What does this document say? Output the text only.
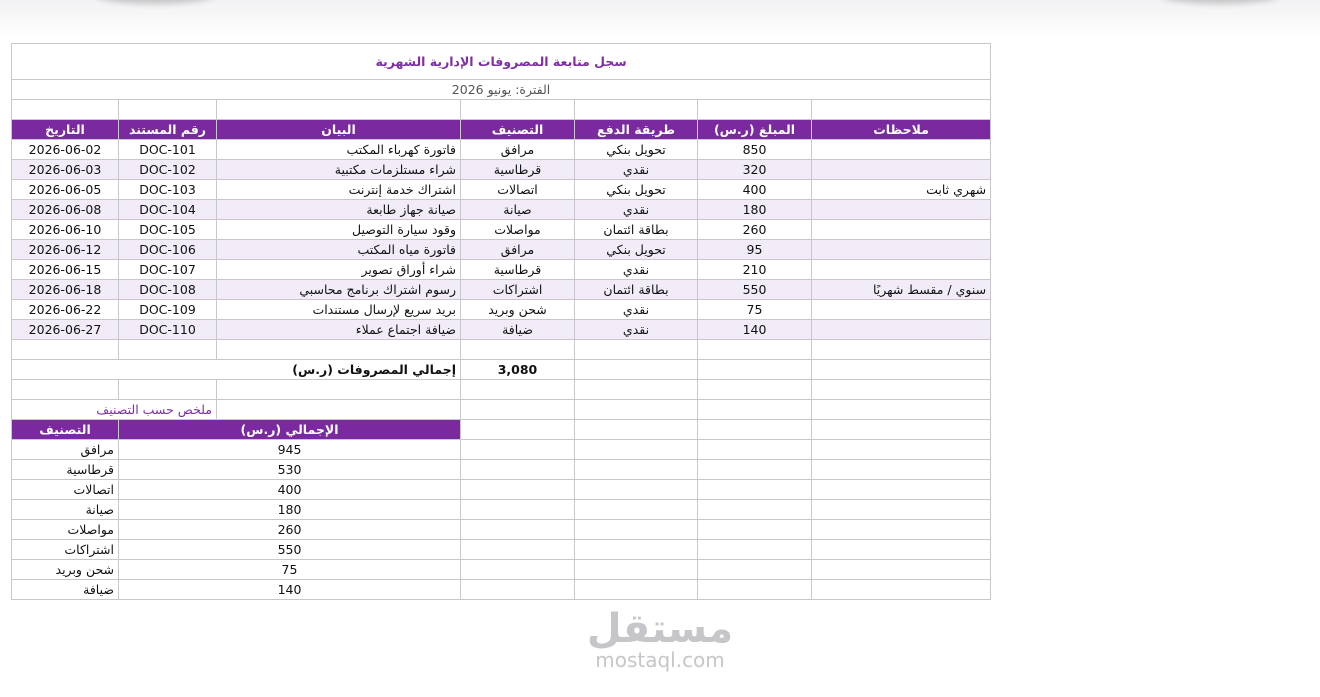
سجل متابعة المصروفات الإدارية الشهرية						
الفترة: يونيو 2026						

التاريخ	رقم المستند	البيان	التصنيف	طريقة الدفع	المبلغ (ر.س)	ملاحظات
2026-06-02	DOC-101	فاتورة كهرباء المكتب	مرافق	تحويل بنكي	850	
2026-06-03	DOC-102	شراء مستلزمات مكتبية	قرطاسية	نقدي	320	
2026-06-05	DOC-103	اشتراك خدمة إنترنت	اتصالات	تحويل بنكي	400	شهري ثابت
2026-06-08	DOC-104	صيانة جهاز طابعة	صيانة	نقدي	180	
2026-06-10	DOC-105	وقود سيارة التوصيل	مواصلات	بطاقة ائتمان	260	
2026-06-12	DOC-106	فاتورة مياه المكتب	مرافق	تحويل بنكي	95	
2026-06-15	DOC-107	شراء أوراق تصوير	قرطاسية	نقدي	210	
2026-06-18	DOC-108	رسوم اشتراك برنامج محاسبي	اشتراكات	بطاقة ائتمان	550	سنوي / مقسط شهريًا
2026-06-22	DOC-109	بريد سريع لإرسال مستندات	شحن وبريد	نقدي	75	
2026-06-27	DOC-110	ضيافة اجتماع عملاء	ضيافة	نقدي	140	

إجمالي المصروفات (ر.س)			3,080			

ملخص حسب التصنيف						
التصنيف	الإجمالي (ر.س)					
مرافق	945					
قرطاسية	530					
اتصالات	400					
صيانة	180					
مواصلات	260					
اشتراكات	550					
شحن وبريد	75					
ضيافة	140					
مستقل
mostaql.com
